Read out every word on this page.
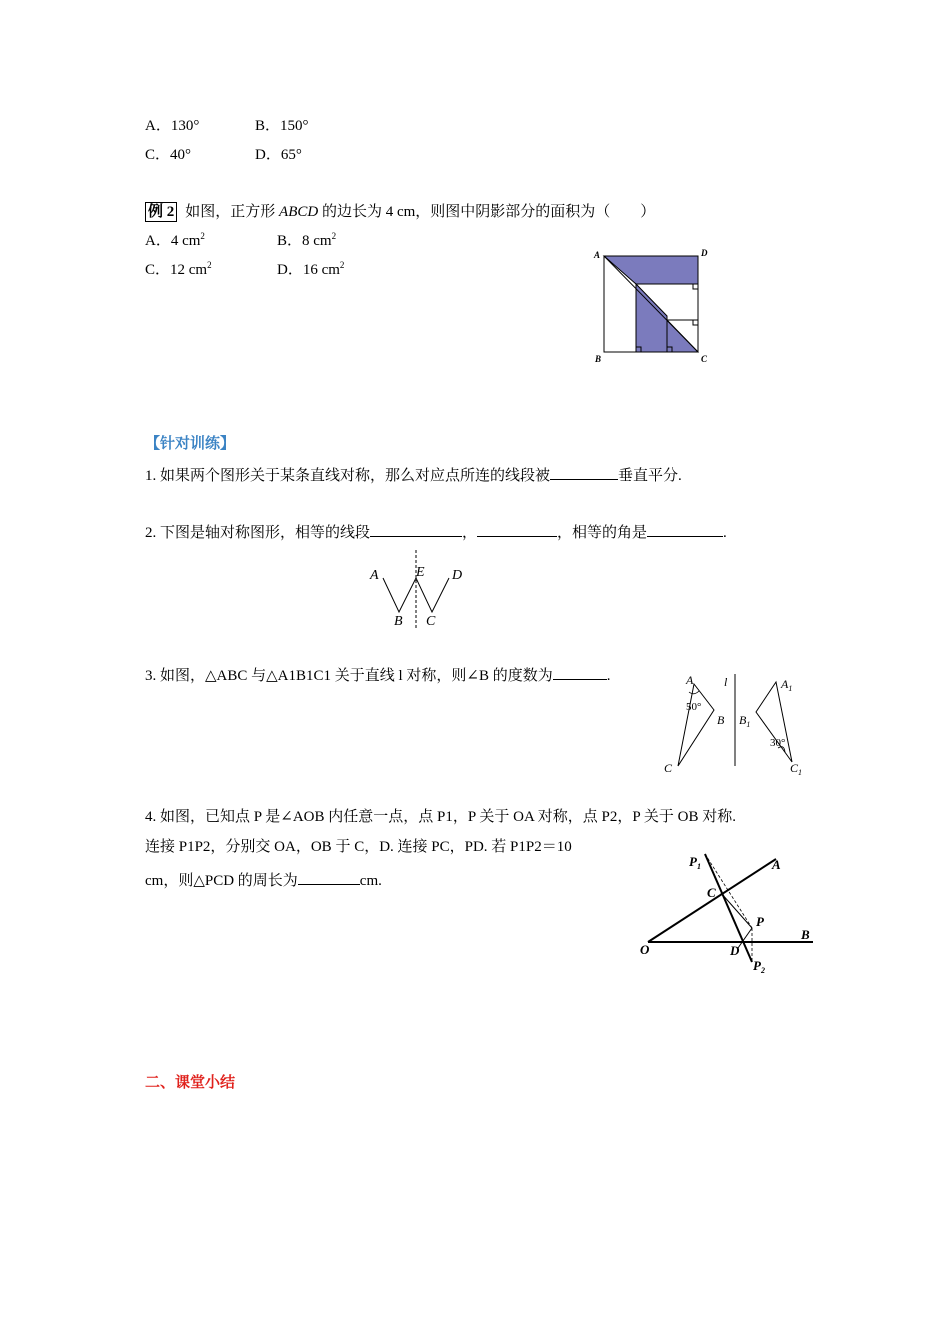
A．130°	B．150°
C．40°	D．65°
例 2 如图，正方形 ABCD 的边长为 4 cm，则图中阴影部分的面积为（　　）
A．4 $cm^2$	B．8 $cm^2$
C．12 $cm^2$	D．16 $cm^2$
A	D
B	C
【针对训练】
1. 如果两个图形关于某条直线对称，那么对应点所连的线段被	垂直平分.
2. 下图是轴对称图形，相等的线段	，	，相等的角是	.
A	E D
B C
3. 如图，△ABC 与△A1B1C1 关于直线 l 对称，则∠B 的度数为	.	A
50°
B
C
l	$A_1$
$B_1$
30°
$C_1$
4. 如图，已知点 P 是∠AOB 内任意一点，点 P1，P 关于 OA 对称，点 P2，P 关于 OB 对称.
连接 P1P2，分别交 OA，OB 于 C，D. 连接 PC，PD. 若 P1P2＝10
cm，则△PCD 的周长为	cm.
$P_1$	A
C
P
B
O	D
$P_2$
二、课堂小结
